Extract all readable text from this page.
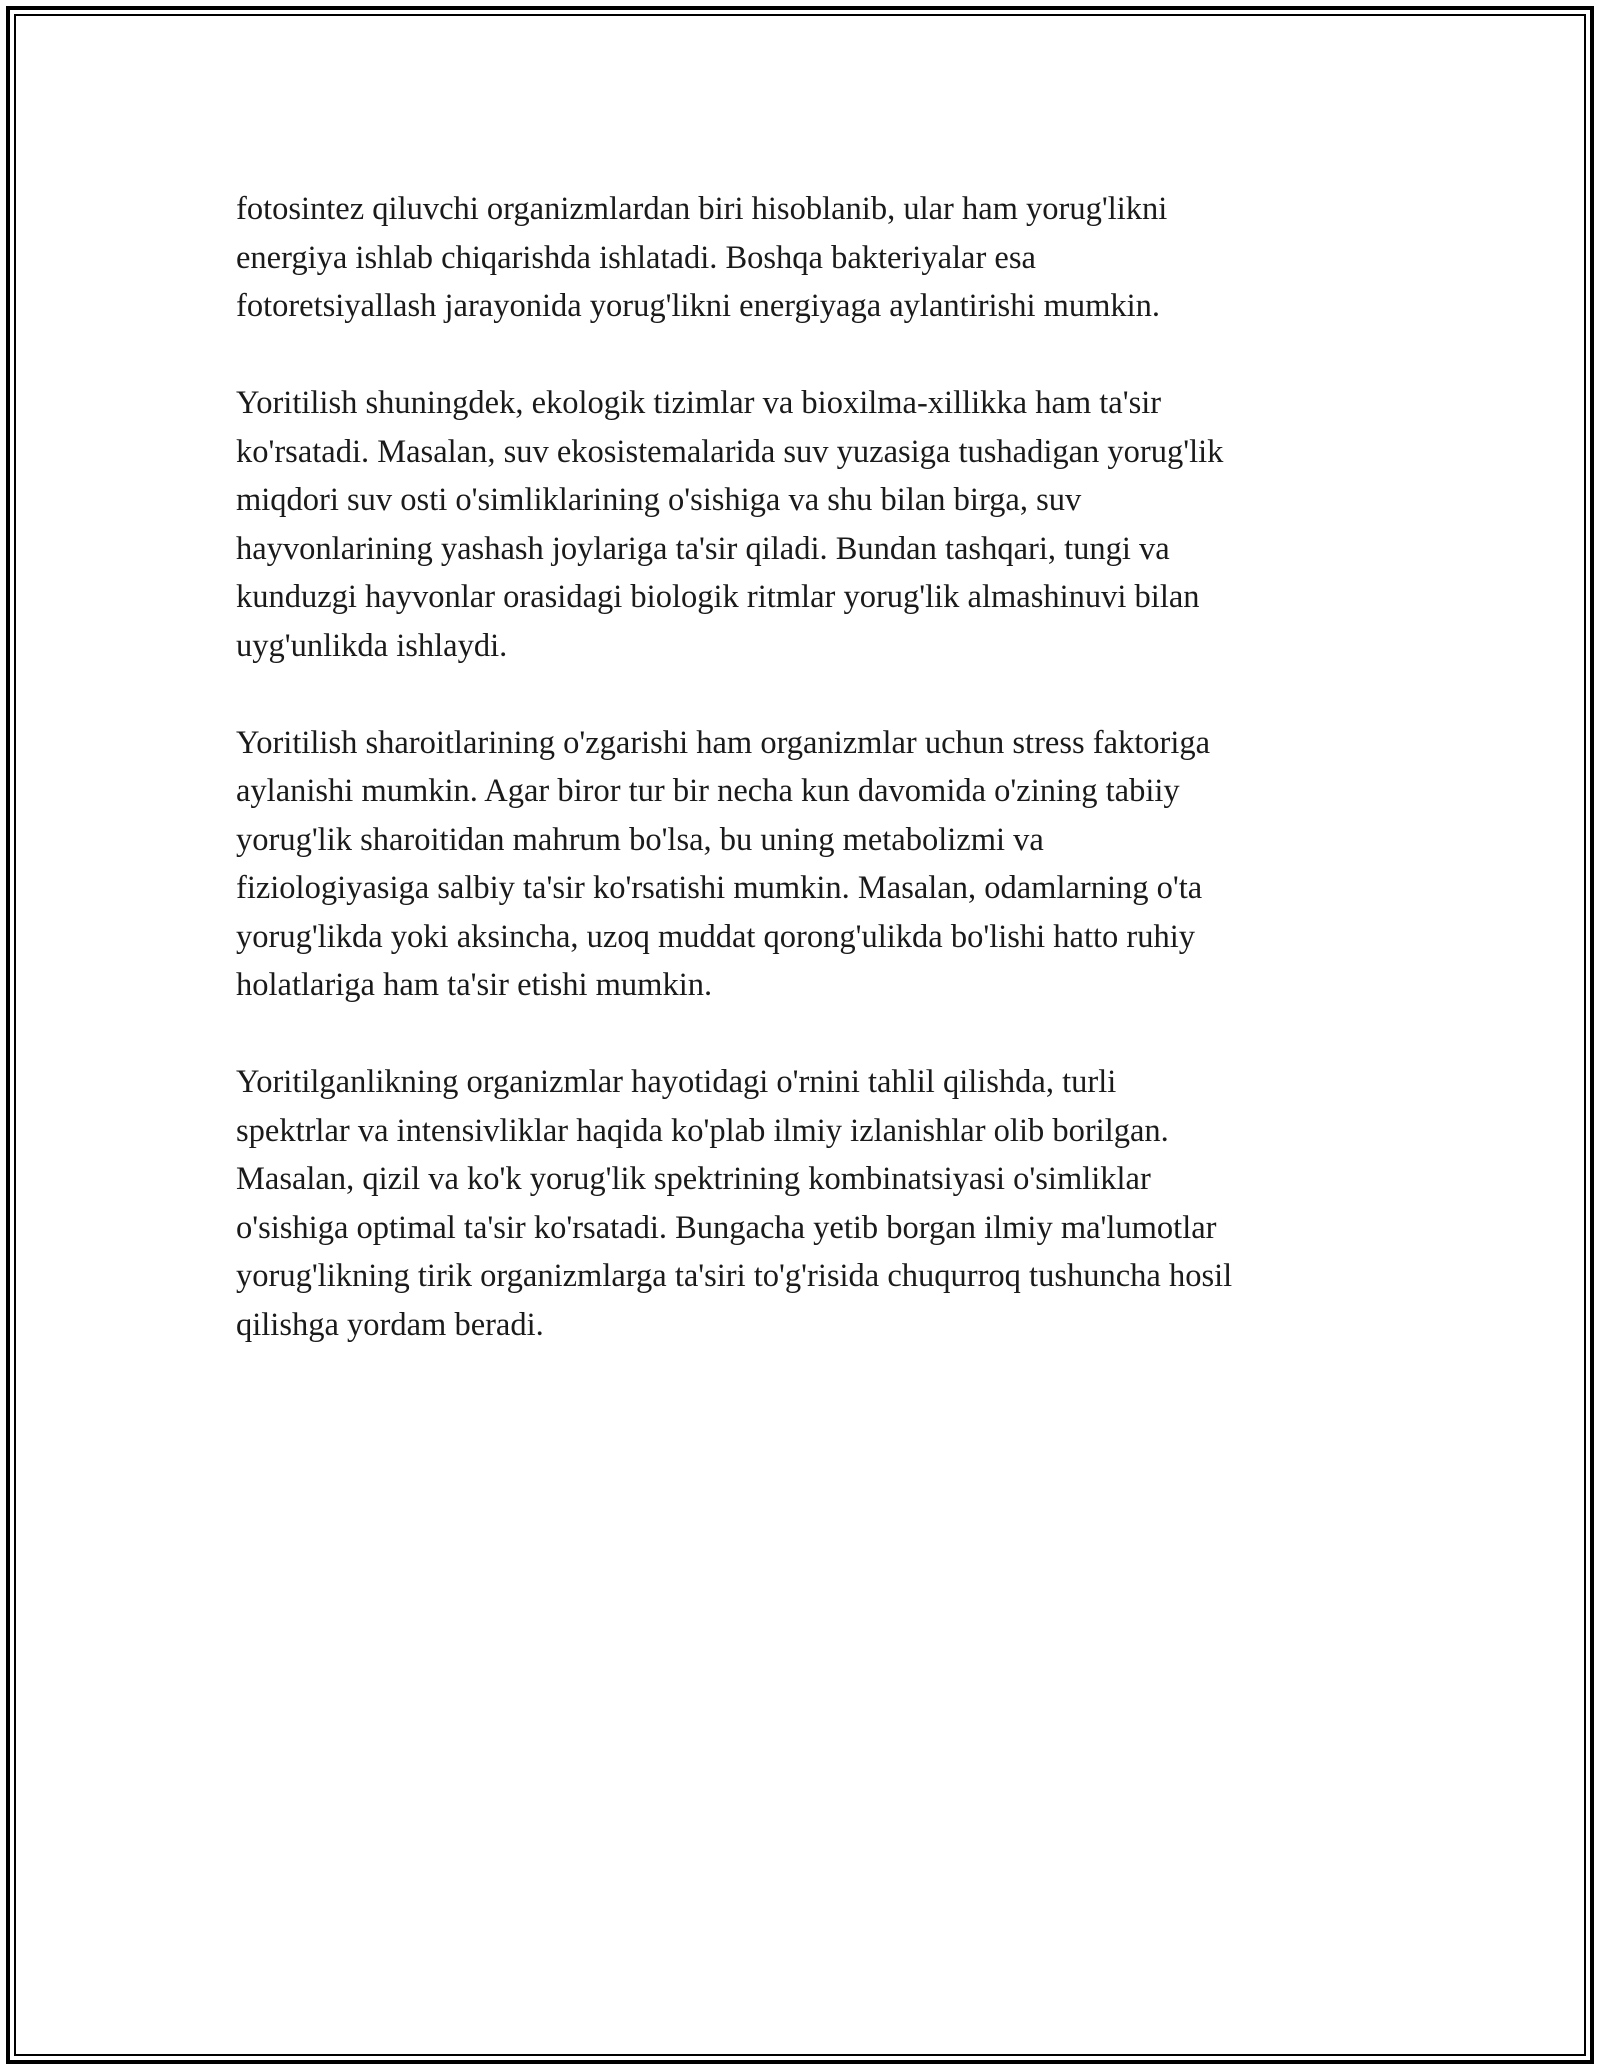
fotosintez qiluvchi organizmlardan biri hisoblanib, ular ham yorug'likni
energiya ishlab chiqarishda ishlatadi. Boshqa bakteriyalar esa
fotoretsiyallash jarayonida yorug'likni energiyaga aylantirishi mumkin.

Yoritilish shuningdek, ekologik tizimlar va bioxilma-xillikka ham ta'sir
ko'rsatadi. Masalan, suv ekosistemalarida suv yuzasiga tushadigan yorug'lik
miqdori suv osti o'simliklarining o'sishiga va shu bilan birga, suv
hayvonlarining yashash joylariga ta'sir qiladi. Bundan tashqari, tungi va
kunduzgi hayvonlar orasidagi biologik ritmlar yorug'lik almashinuvi bilan
uyg'unlikda ishlaydi.

Yoritilish sharoitlarining o'zgarishi ham organizmlar uchun stress faktoriga
aylanishi mumkin. Agar biror tur bir necha kun davomida o'zining tabiiy
yorug'lik sharoitidan mahrum bo'lsa, bu uning metabolizmi va
fiziologiyasiga salbiy ta'sir ko'rsatishi mumkin. Masalan, odamlarning o'ta
yorug'likda yoki aksincha, uzoq muddat qorong'ulikda bo'lishi hatto ruhiy
holatlariga ham ta'sir etishi mumkin.

Yoritilganlikning organizmlar hayotidagi o'rnini tahlil qilishda, turli
spektrlar va intensivliklar haqida ko'plab ilmiy izlanishlar olib borilgan.
Masalan, qizil va ko'k yorug'lik spektrining kombinatsiyasi o'simliklar
o'sishiga optimal ta'sir ko'rsatadi. Bungacha yetib borgan ilmiy ma'lumotlar
yorug'likning tirik organizmlarga ta'siri to'g'risida chuqurroq tushuncha hosil
qilishga yordam beradi.
